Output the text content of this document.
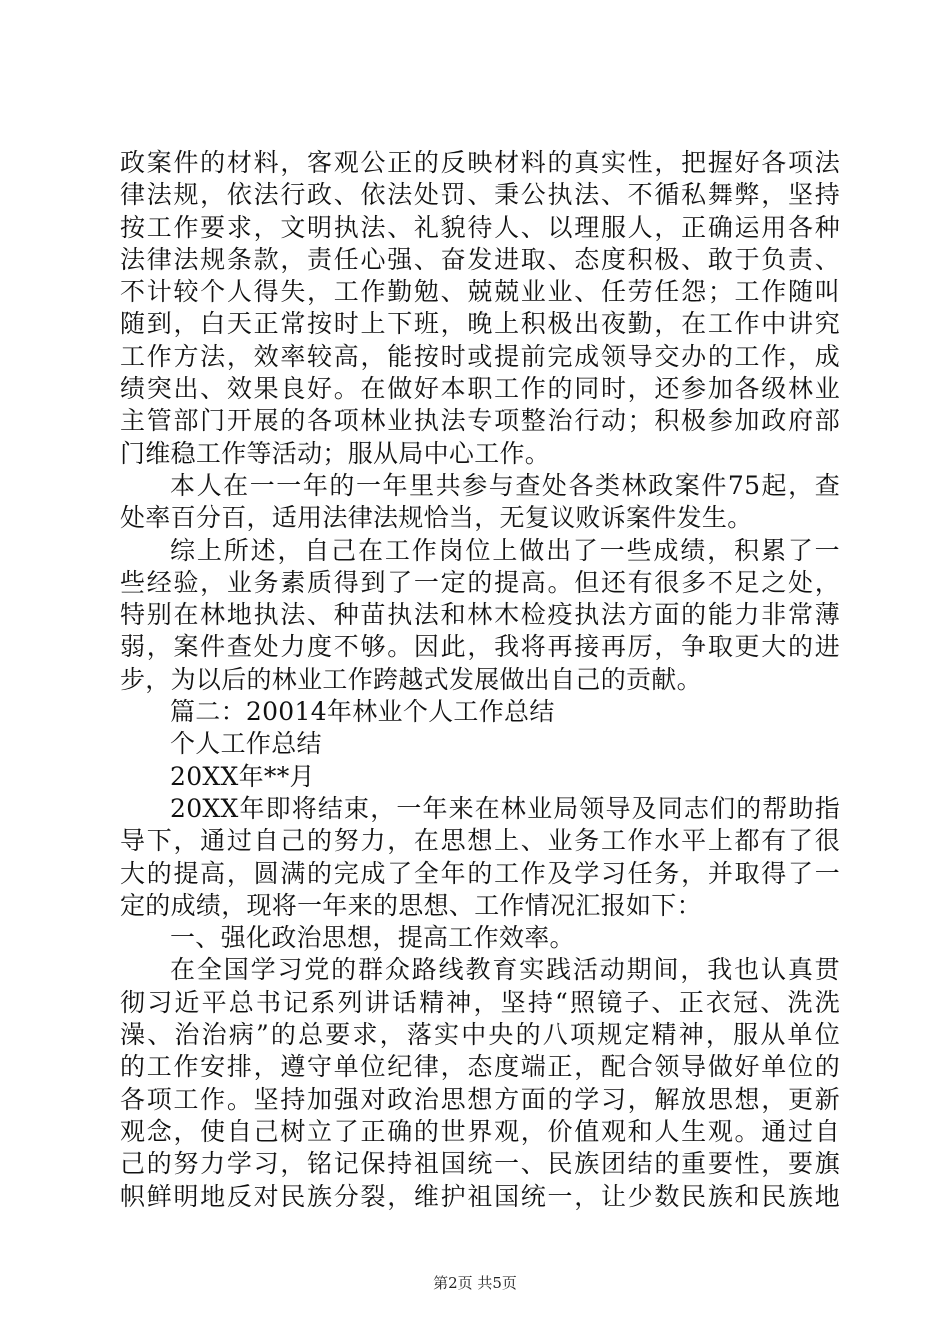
政案件的材料，客观公正的反映材料的真实性，把握好各项法
律法规，依法行政、依法处罚、秉公执法、不循私舞弊，坚持
按工作要求，文明执法、礼貌待人、以理服人，正确运用各种
法律法规条款，责任心强、奋发进取、态度积极、敢于负责、
不计较个人得失，工作勤勉、兢兢业业、任劳任怨；工作随叫
随到，白天正常按时上下班，晚上积极出夜勤，在工作中讲究
工作方法，效率较高，能按时或提前完成领导交办的工作，成
绩突出、效果良好。在做好本职工作的同时，还参加各级林业
主管部门开展的各项林业执法专项整治行动；积极参加政府部
门维稳工作等活动；服从局中心工作。
本人在一一年的一年里共参与查处各类林政案件75起，查
处率百分百，适用法律法规恰当，无复议败诉案件发生。
综上所述，自己在工作岗位上做出了一些成绩，积累了一
些经验，业务素质得到了一定的提高。但还有很多不足之处，
特别在林地执法、种苗执法和林木检疫执法方面的能力非常薄
弱，案件查处力度不够。因此，我将再接再厉，争取更大的进
步，为以后的林业工作跨越式发展做出自己的贡献。
篇二：20014年林业个人工作总结
个人工作总结
20XX年**月
20XX年即将结束，一年来在林业局领导及同志们的帮助指
导下，通过自己的努力，在思想上、业务工作水平上都有了很
大的提高，圆满的完成了全年的工作及学习任务，并取得了一
定的成绩，现将一年来的思想、工作情况汇报如下：
一、强化政治思想，提高工作效率。
在全国学习党的群众路线教育实践活动期间，我也认真贯
彻习近平总书记系列讲话精神，坚持“照镜子、正衣冠、洗洗
澡、治治病”的总要求，落实中央的八项规定精神，服从单位
的工作安排，遵守单位纪律，态度端正，配合领导做好单位的
各项工作。坚持加强对政治思想方面的学习，解放思想，更新
观念，使自己树立了正确的世界观，价值观和人生观。通过自
己的努力学习，铭记保持祖国统一、民族团结的重要性，要旗
帜鲜明地反对民族分裂，维护祖国统一，让少数民族和民族地
第2页 共5页
